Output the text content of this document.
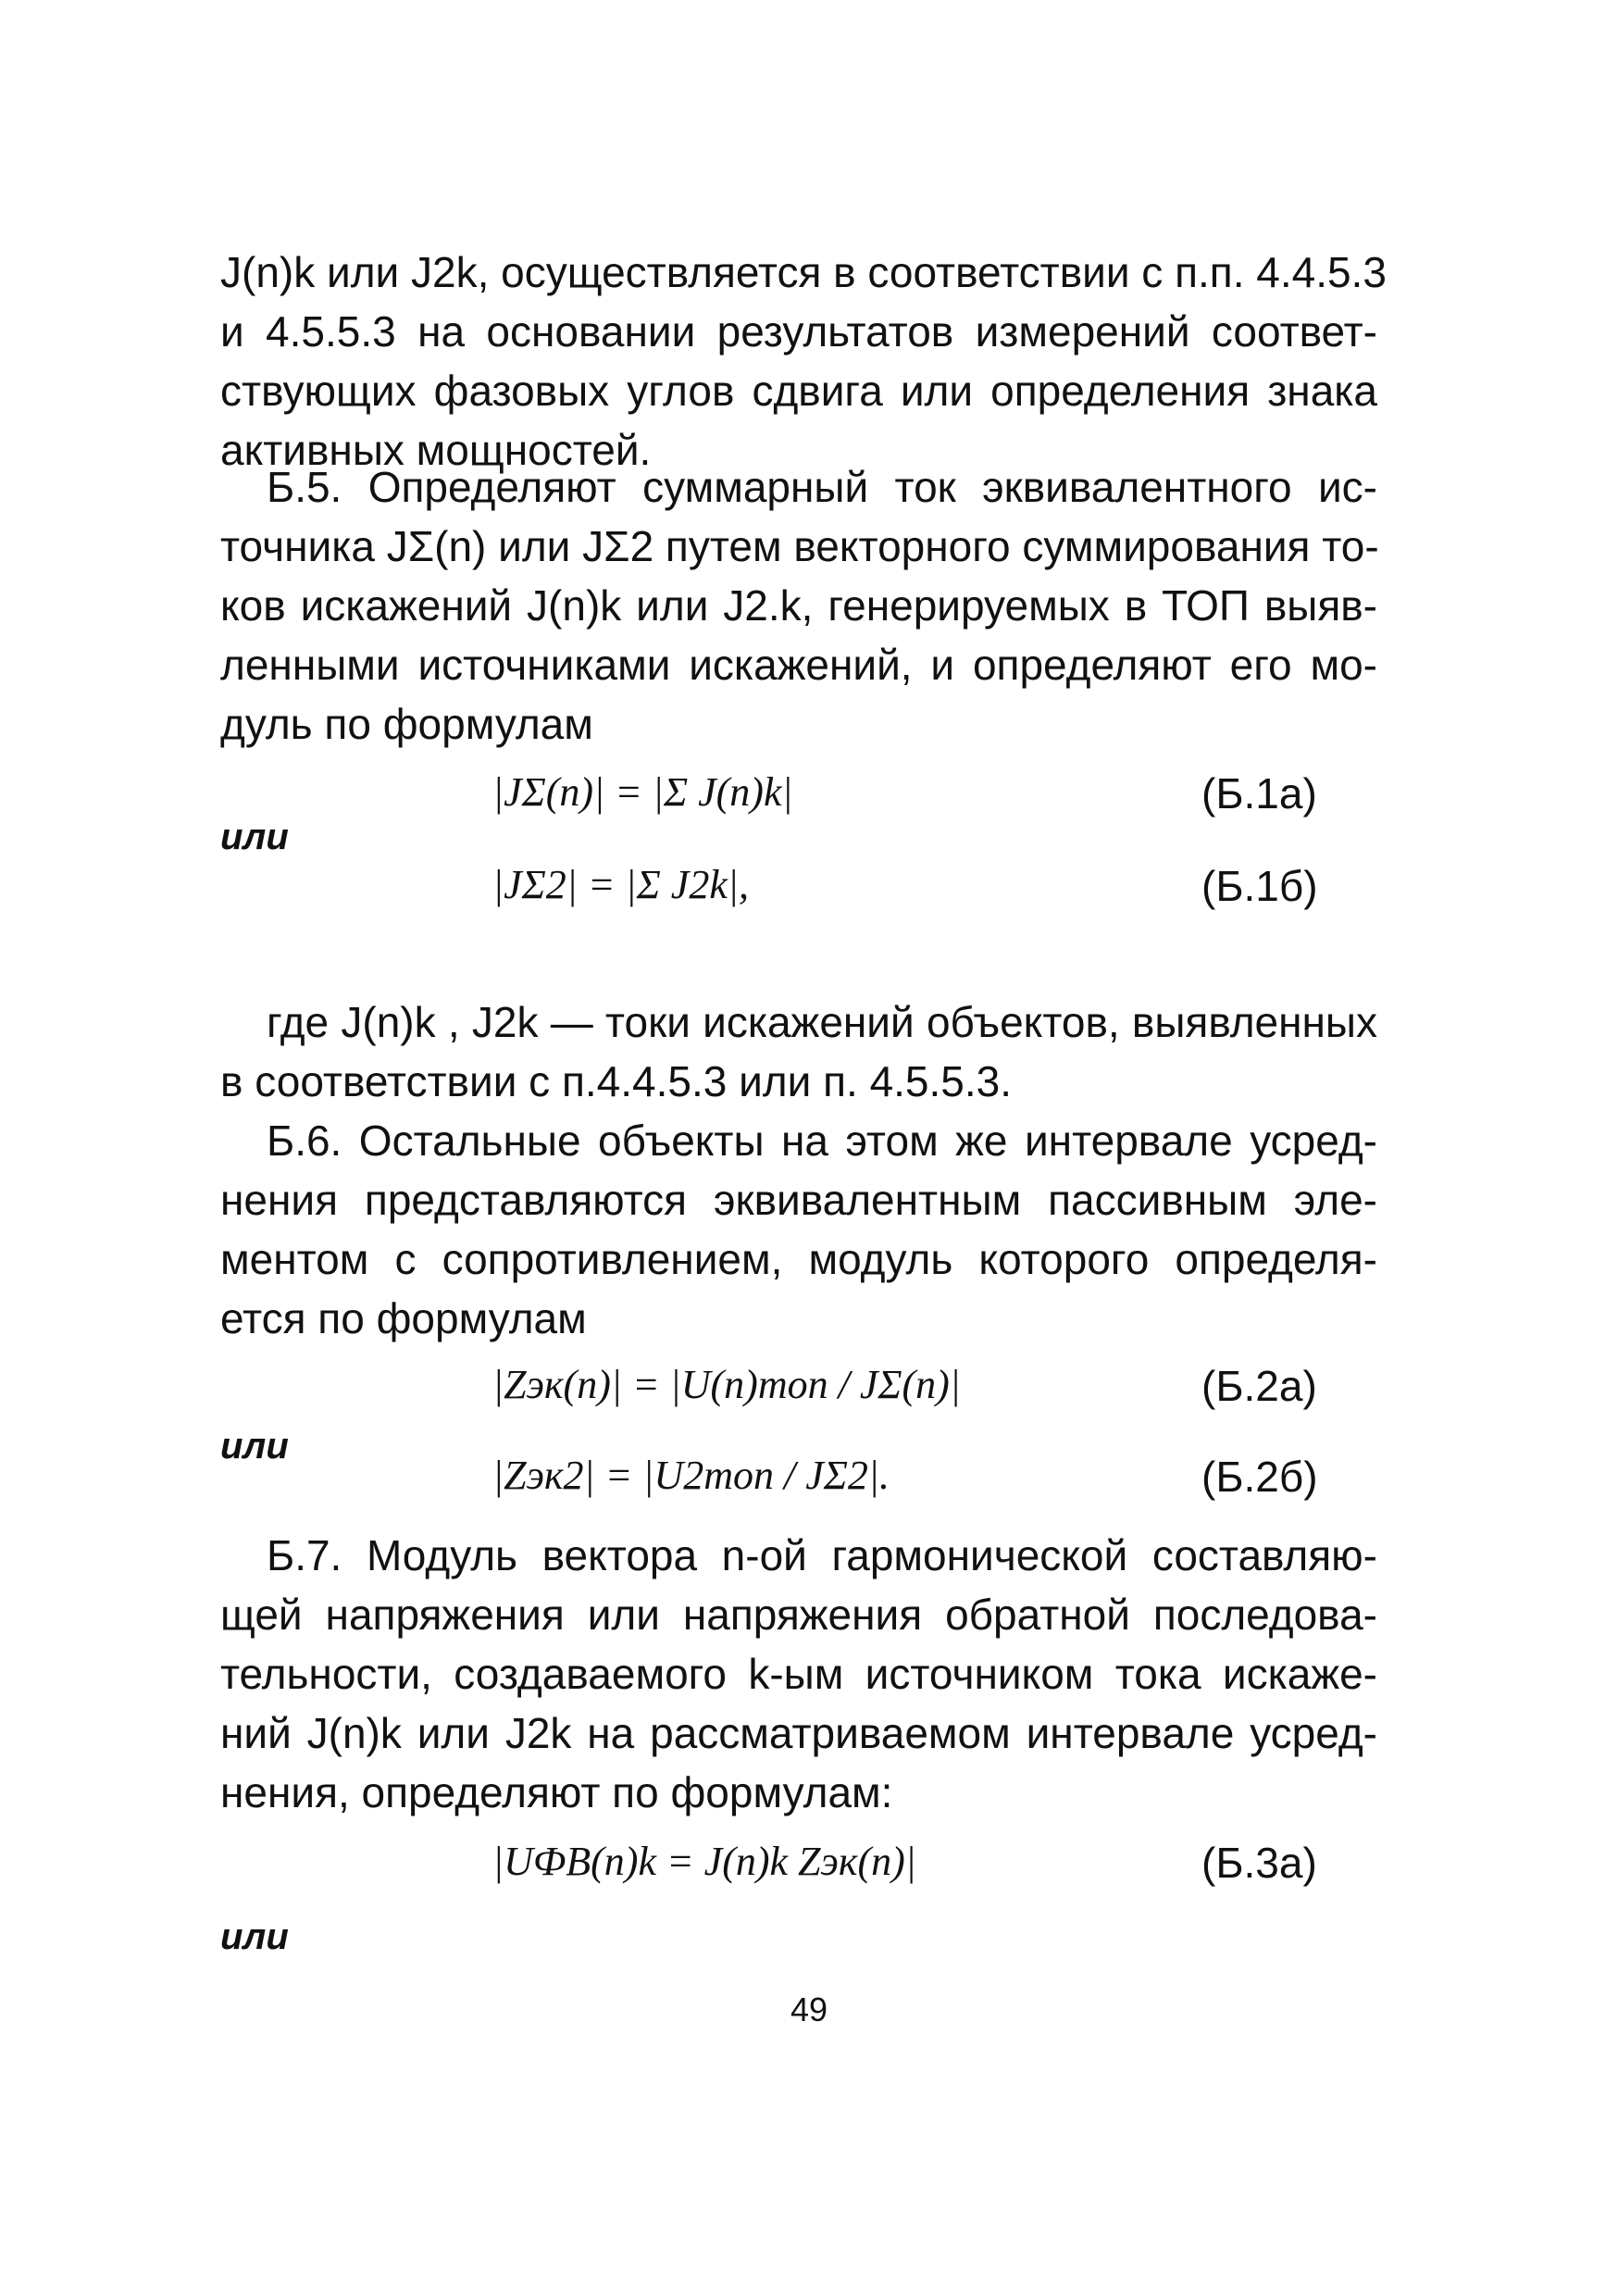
J(n)k или J2k, осуществляется в соответствии с п.п. 4.4.5.3
и 4.5.5.3 на основании результатов измерений соответ-
ствующих фазовых углов сдвига или определения знака
активных мощностей.
Б.5. Определяют суммарный ток эквивалентного ис-
точника JΣ(n) или JΣ2 путем векторного суммирования то-
ков искажений J(n)k или J2.k, генерируемых в ТОП выяв-
ленными источниками искажений, и определяют его мо-
дуль по формулам
|JΣ(n)| = |Σ J(n)k|	(Б.1а)
или
|JΣ2| = |Σ J2k|,	(Б.1б)
где J(n)k , J2k — токи искажений объектов, выявленных
в соответствии с п.4.4.5.3 или п. 4.5.5.3.
Б.6. Остальные объекты на этом же интервале усред-
нения представляются эквивалентным пассивным эле-
ментом с сопротивлением, модуль которого определя-
ется по формулам
|Zэк(n)| = |U(n)топ / JΣ(n)|	(Б.2а)
или
|Zэк2| = |U2топ / JΣ2|.	(Б.2б)
Б.7. Модуль вектора n-ой гармонической составляю-
щей напряжения или напряжения обратной последова-
тельности, создаваемого k-ым источником тока искаже-
ний J(n)k или J2k на рассматриваемом интервале усред-
нения, определяют по формулам:
|UФВ(n)k = J(n)k Zэк(n)|	(Б.3а)
или
49
